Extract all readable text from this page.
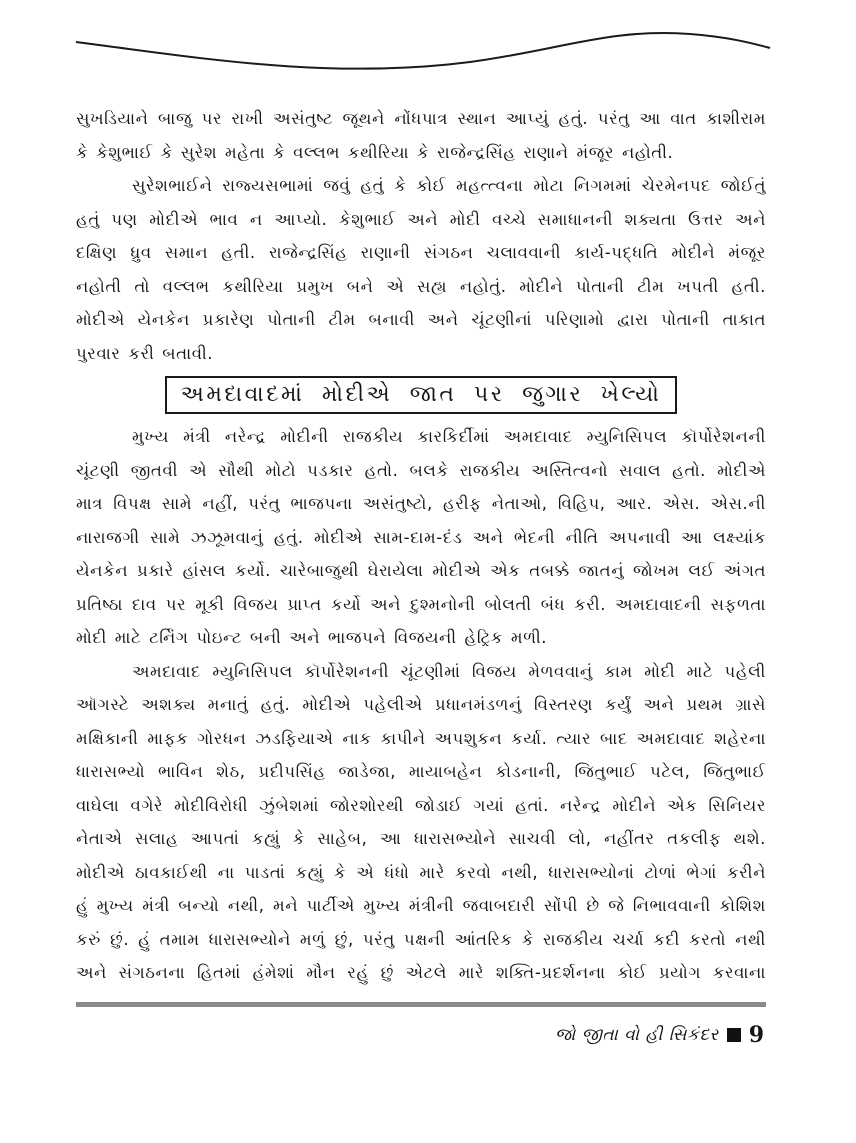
સુખડિયાને બાજુ પર રાખી અસંતુષ્ટ જૂથને નોંધપાત્ર સ્થાન આપ્યું હતું. પરંતુ આ વાત કાશીરામ

કે કેશુભાઈ કે સુરેશ મહેતા કે વલ્લભ કથીરિયા કે રાજેન્દ્રસિંહ રાણાને મંજૂર નહોતી.

સુરેશભાઈને રાજ્યસભામાં જવું હતું કે કોઈ મહત્ત્વના મોટા નિગમમાં ચેરમેનપદ જોઈતું

હતું પણ મોદીએ ભાવ ન આપ્યો. કેશુભાઈ અને મોદી વચ્ચે સમાધાનની શક્યતા ઉત્તર અને

દક્ષિણ ધ્રુવ સમાન હતી. રાજેન્દ્રસિંહ રાણાની સંગઠન ચલાવવાની કાર્ય-પદ્ધતિ મોદીને મંજૂર

નહોતી તો વલ્લભ કથીરિયા પ્રમુખ બને એ સહ્ય નહોતું. મોદીને પોતાની ટીમ ખપતી હતી.

મોદીએ યેનકેન પ્રકારેણ પોતાની ટીમ બનાવી અને ચૂંટણીનાં પરિણામો દ્વારા પોતાની તાકાત

પુરવાર કરી બતાવી.

અમદાવાદમાં મોદીએ જાત પર જુગાર ખેલ્યો

મુખ્ય મંત્રી નરેન્દ્ર મોદીની રાજકીય કારકિર્દીમાં અમદાવાદ મ્યુનિસિપલ કૉર્પોરેશનની

ચૂંટણી જીતવી એ સૌથી મોટો પડકાર હતો. બલકે રાજકીય અસ્તિત્વનો સવાલ હતો. મોદીએ

માત્ર વિપક્ષ સામે નહીં, પરંતુ ભાજપના અસંતુષ્ટો, હરીફ નેતાઓ, વિહિપ, આર. એસ. એસ.ની

નારાજગી સામે ઝઝૂમવાનું હતું. મોદીએ સામ-દામ-દંડ અને ભેદની નીતિ અપનાવી આ લક્ષ્યાંક

યેનકેન પ્રકારે હાંસલ કર્યો. ચારેબાજુથી ઘેરાયેલા મોદીએ એક તબક્કે જાતનું જોખમ લઈ અંગત

પ્રતિષ્ઠા દાવ પર મૂકી વિજય પ્રાપ્ત કર્યો અને દુશ્મનોની બોલતી બંધ કરી. અમદાવાદની સફળતા

મોદી માટે ટર્નિંગ પોઇન્ટ બની અને ભાજપને વિજયની હેટ્રિક મળી.

અમદાવાદ મ્યુનિસિપલ કૉર્પોરેશનની ચૂંટણીમાં વિજય મેળવવાનું કામ મોદી માટે પહેલી

ઑગસ્ટે અશક્ય મનાતું હતું. મોદીએ પહેલીએ પ્રધાનમંડળનું વિસ્તરણ કર્યું અને પ્રથમ ગ્રાસે

મક્ષિકાની માફક ગોરધન ઝડફિયાએ નાક કાપીને અપશુકન કર્યા. ત્યાર બાદ અમદાવાદ શહેરના

ધારાસભ્યો ભાવિન શેઠ, પ્રદીપસિંહ જાડેજા, માયાબહેન કોડનાની, જિતુભાઈ પટેલ, જિતુભાઈ

વાઘેલા વગેરે મોદીવિરોધી ઝુંબેશમાં જોરશોરથી જોડાઈ ગયાં હતાં. નરેન્દ્ર મોદીને એક સિનિયર

નેતાએ સલાહ આપતાં કહ્યું કે સાહેબ, આ ધારાસભ્યોને સાચવી લો, નહીંતર તકલીફ થશે.

મોદીએ ઠાવકાઈથી ના પાડતાં કહ્યું કે એ ધંધો મારે કરવો નથી, ધારાસભ્યોનાં ટોળાં ભેગાં કરીને

હું મુખ્ય મંત્રી બન્યો નથી, મને પાર્ટીએ મુખ્ય મંત્રીની જવાબદારી સોંપી છે જે નિભાવવાની કોશિશ

કરું છું. હું તમામ ધારાસભ્યોને મળું છું, પરંતુ પક્ષની આંતરિક કે રાજકીય ચર્ચા કદી કરતો નથી

અને સંગઠનના હિતમાં હંમેશાં મૌન રહું છું એટલે મારે શક્તિ-પ્રદર્શનના કોઈ પ્રયોગ કરવાના

જો જીતા વો હી સિકંદર 9
